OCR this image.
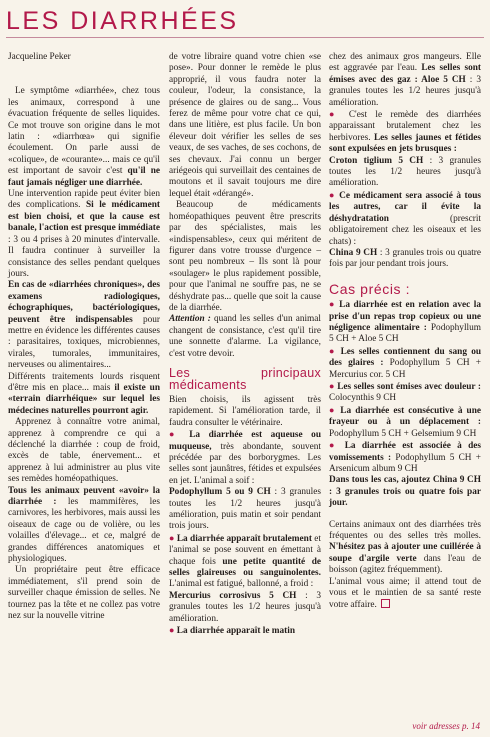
LES DIARRHÉES

Jacqueline Peker

Le symptôme «diarrhée», chez tous les animaux, correspond à une évacuation fréquente de selles liquides. Ce mot trouve son origine dans le mot latin : «diarrhœa» qui signifie écoulement. On parle aussi de «colique», de «courante»... mais ce qu'il est important de savoir c'est qu'il ne faut jamais négliger une diarrhée.

Une intervention rapide peut éviter bien des complications. Si le médicament est bien choisi, et que la cause est banale, l'action est presque immédiate : 3 ou 4 prises à 20 minutes d'intervalle. Il faudra continuer à surveiller la consistance des selles pendant quelques jours.

En cas de «diarrhées chroniques», des examens radiologiques, échographiques, bactériologiques, peuvent être indispensables pour mettre en évidence les différentes causes : parasitaires, toxiques, microbiennes, virales, tumorales, immunitaires, nerveuses ou alimentaires...

Différents traitements lourds risquent d'être mis en place... mais il existe un «terrain diarrhéique» sur lequel les médecines naturelles pourront agir.

Apprenez à connaître votre animal, apprenez à comprendre ce qui a déclenché la diarrhée : coup de froid, excès de table, énervement... et apprenez à lui administrer au plus vite ses remèdes homéopathiques.

Tous les animaux peuvent «avoir» la diarrhée : les mammifères, les carnivores, les herbivores, mais aussi les oiseaux de cage ou de volière, ou les volailles d'élevage... et ce, malgré de grandes différences anatomiques et physiologiques.

Un propriétaire peut être efficace immédiatement, s'il prend soin de surveiller chaque émission de selles. Ne tournez pas la tête et ne collez pas votre nez sur la nouvelle vitrine

de votre libraire quand votre chien «se pose». Pour donner le remède le plus approprié, il vous faudra noter la couleur, l'odeur, la consistance, la présence de glaires ou de sang... Vous ferez de même pour votre chat ce qui, dans une litière, est plus facile. Un bon éleveur doit vérifier les selles de ses veaux, de ses vaches, de ses cochons, de ses chevaux. J'ai connu un berger ariégeois qui surveillait des centaines de moutons et il savait toujours me dire lequel était «dérangé».

Beaucoup de médicaments homéopathiques peuvent être prescrits par des spécialistes, mais les «indispensables», ceux qui méritent de figurer dans votre trousse d'urgence – sont peu nombreux – Ils sont là pour «soulager» le plus rapidement possible, pour que l'animal ne souffre pas, ne se déshydrate pas... quelle que soit la cause de la diarrhée.

Attention : quand les selles d'un animal changent de consistance, c'est qu'il tire une sonnette d'alarme. La vigilance, c'est votre devoir.

Les principaux médicaments

Bien choisis, ils agissent très rapidement. Si l'amélioration tarde, il faudra consulter le vétérinaire.

● La diarrhée est aqueuse ou muqueuse, très abondante, souvent précédée par des borborygmes. Les selles sont jaunâtres, fétides et expulsées en jet. L'animal a soif :

Podophyllum 5 ou 9 CH : 3 granules toutes les 1/2 heures jusqu'à amélioration, puis matin et soir pendant trois jours.

● La diarrhée apparaît brutalement et l'animal se pose souvent en émettant à chaque fois une petite quantité de selles glaireuses ou sanguinolentes. L'animal est fatigué, ballonné, a froid :

Mercurius corrosivus 5 CH : 3 granules toutes les 1/2 heures jusqu'à amélioration.

● La diarrhée apparaît le matin

chez des animaux gros mangeurs. Elle est aggravée par l'eau. Les selles sont émises avec des gaz : Aloe 5 CH : 3 granules toutes les 1/2 heures jusqu'à amélioration.

● C'est le remède des diarrhées apparaissant brutalement chez les herbivores. Les selles jaunes et fétides sont expulsées en jets brusques :

Croton tiglium 5 CH : 3 granules toutes les 1/2 heures jusqu'à amélioration.

● Ce médicament sera associé à tous les autres, car il évite la déshydratation (prescrit obligatoirement chez les oiseaux et les chats) :

China 9 CH : 3 granules trois ou quatre fois par jour pendant trois jours.

Cas précis :

● La diarrhée est en relation avec la prise d'un repas trop copieux ou une négligence alimentaire : Podophyllum 5 CH + Aloe 5 CH

● Les selles contiennent du sang ou des glaires : Podophyllum 5 CH + Mercurius cor. 5 CH

● Les selles sont émises avec douleur : Colocynthis 9 CH

● La diarrhée est consécutive à une frayeur ou à un déplacement : Podophyllum 5 CH + Gelsemium 9 CH

● La diarrhée est associée à des vomissements : Podophyllum 5 CH + Arsenicum album 9 CH

Dans tous les cas, ajoutez China 9 CH : 3 granules trois ou quatre fois par jour.

Certains animaux ont des diarrhées très fréquentes ou des selles très molles. N'hésitez pas à ajouter une cuillérée à soupe d'argile verte dans l'eau de boisson (agitez fréquemment).

L'animal vous aime; il attend tout de vous et le maintien de sa santé reste votre affaire.

voir adresses p. 14
